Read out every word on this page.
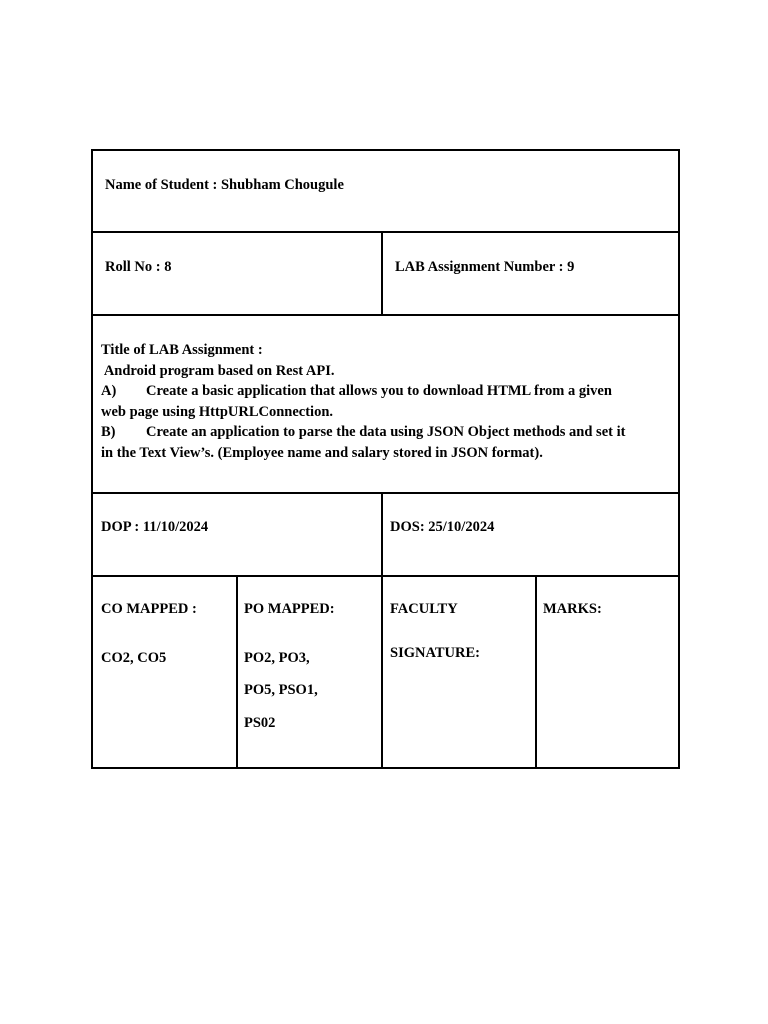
Name of Student : Shubham Chougule
Roll No : 8	LAB Assignment Number : 9
Title of LAB Assignment :
Android program based on Rest API.
A) Create a basic application that allows you to download HTML from a given
web page using HttpURLConnection.
B) Create an application to parse the data using JSON Object methods and set it
in the Text View’s. (Employee name and salary stored in JSON format).
DOP : 11/10/2024	DOS: 25/10/2024
CO MAPPED :
CO2, CO5
PO MAPPED:
PO2, PO3,
PO5, PSO1,
PS02
FACULTY
SIGNATURE:
MARKS:
